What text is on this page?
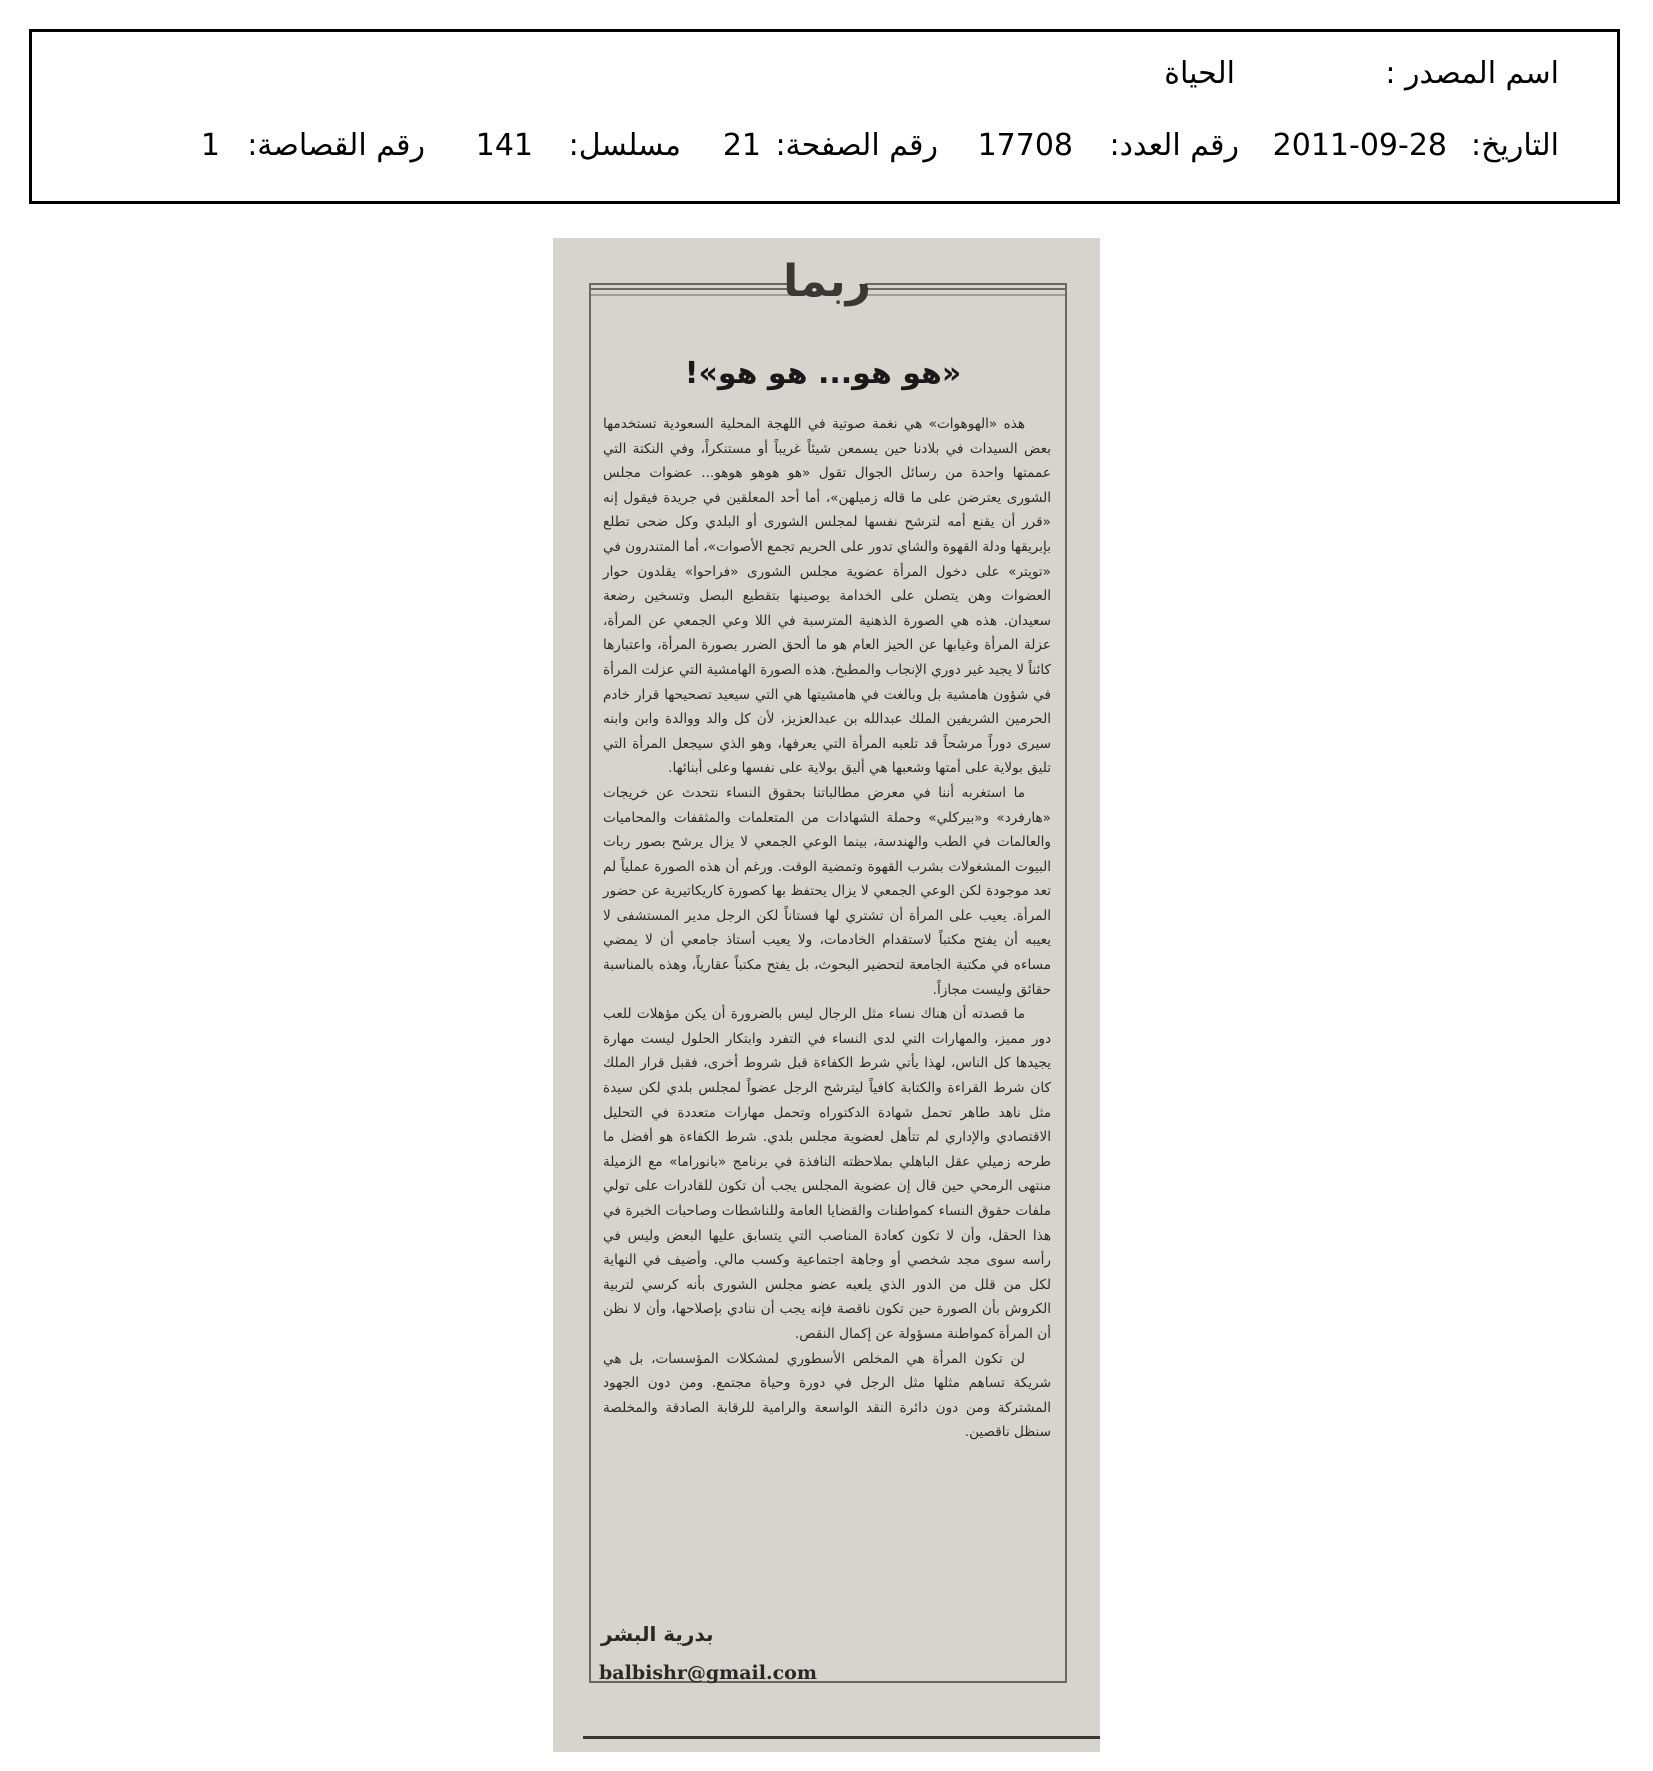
اسم المصدر :
الحياة
التاريخ:
2011-09-28
رقم العدد:
17708
رقم الصفحة:
21
مسلسل:
141
رقم القصاصة:
1
ربما
«هو هو... هو هو»!

هذه «الهوهوات» هي نغمة صوتية في اللهجة المحلية السعودية تستخدمها بعض السيدات في بلادنا حين يسمعن شيئاً غريباً أو مستنكراً، وفي النكتة التي عممتها واحدة من رسائل الجوال تقول «هو هوهو هوهو... عضوات مجلس الشورى يعترضن على ما قاله زميلهن»، أما أحد المعلقين في جريدة فيقول إنه «قرر أن يقنع أمه لترشح نفسها لمجلس الشورى أو البلدي وكل ضحى تطلع بإبريقها ودلة القهوة والشاي تدور على الحريم تجمع الأصوات»، أما المتندرون في «تويتر» على دخول المرأة عضوية مجلس الشورى «فراحوا» يقلدون حوار العضوات وهن يتصلن على الخدامة يوصينها بتقطيع البصل وتسخين رضعة سعيدان. هذه هي الصورة الذهنية المترسبة في اللا وعي الجمعي عن المرأة، عزلة المرأة وغيابها عن الحيز العام هو ما ألحق الضرر بصورة المرأة، واعتبارها كائناً لا يجيد غير دوري الإنجاب والمطبخ. هذه الصورة الهامشية التي عزلت المرأة في شؤون هامشية بل وبالغت في هامشيتها هي التي سيعيد تصحيحها قرار خادم الحرمين الشريفين الملك عبدالله بن عبدالعزيز، لأن كل والد ووالدة وابن وابنه سيرى دوراً مرشحاً قد تلعبه المرأة التي يعرفها، وهو الذي سيجعل المرأة التي تليق بولاية على أمتها وشعبها هي أليق بولاية على نفسها وعلى أبنائها.

ما استغربه أننا في معرض مطالباتنا بحقوق النساء نتحدث عن خريجات «هارفرد» و«بيركلي» وحملة الشهادات من المتعلمات والمثقفات والمحاميات والعالمات في الطب والهندسة، بينما الوعي الجمعي لا يزال يرشح بصور ربات البيوت المشغولات بشرب القهوة وتمضية الوقت. ورغم أن هذه الصورة عملياً لم تعد موجودة لكن الوعي الجمعي لا يزال يحتفظ بها كصورة كاريكاتيرية عن حضور المرأة. يعيب على المرأة أن تشتري لها فستاناً لكن الرجل مدير المستشفى لا يعيبه أن يفتح مكتباً لاستقدام الخادمات، ولا يعيب أستاذ جامعي أن لا يمضي مساءه في مكتبة الجامعة لتحضير البحوث، بل يفتح مكتباً عقارياً، وهذه بالمناسبة حقائق وليست مجازاً.

ما قصدته أن هناك نساء مثل الرجال ليس بالضرورة أن يكن مؤهلات للعب دور مميز، والمهارات التي لدى النساء في التفرد وابتكار الحلول ليست مهارة يجيدها كل الناس، لهذا يأتي شرط الكفاءة قبل شروط أخرى، فقبل قرار الملك كان شرط القراءة والكتابة كافياً ليترشح الرجل عضواً لمجلس بلدي لكن سيدة مثل ناهد طاهر تحمل شهادة الدكتوراه وتحمل مهارات متعددة في التحليل الاقتصادي والإداري لم تتأهل لعضوية مجلس بلدي. شرط الكفاءة هو أفضل ما طرحه زميلي عقل الباهلي بملاحظته النافذة في برنامج «بانوراما» مع الزميلة منتهى الرمحي حين قال إن عضوية المجلس يجب أن تكون للقادرات على تولي ملفات حقوق النساء كمواطنات والقضايا العامة وللناشطات وصاحبات الخبرة في هذا الحقل، وأن لا تكون كعادة المناصب التي يتسابق عليها البعض وليس في رأسه سوى مجد شخصي أو وجاهة اجتماعية وكسب مالي. وأضيف في النهاية لكل من قلل من الدور الذي يلعبه عضو مجلس الشورى بأنه كرسي لتربية الكروش بأن الصورة حين تكون ناقصة فإنه يجب أن ننادي بإصلاحها، وأن لا نظن أن المرأة كمواطنة مسؤولة عن إكمال النقص.

لن تكون المرأة هي المخلص الأسطوري لمشكلات المؤسسات، بل هي شريكة تساهم مثلها مثل الرجل في دورة وحياة مجتمع. ومن دون الجهود المشتركة ومن دون دائرة النقد الواسعة والرامية للرقابة الصادقة والمخلصة سنظل ناقصين.

بدرية البشر
balbishr@gmail.com
